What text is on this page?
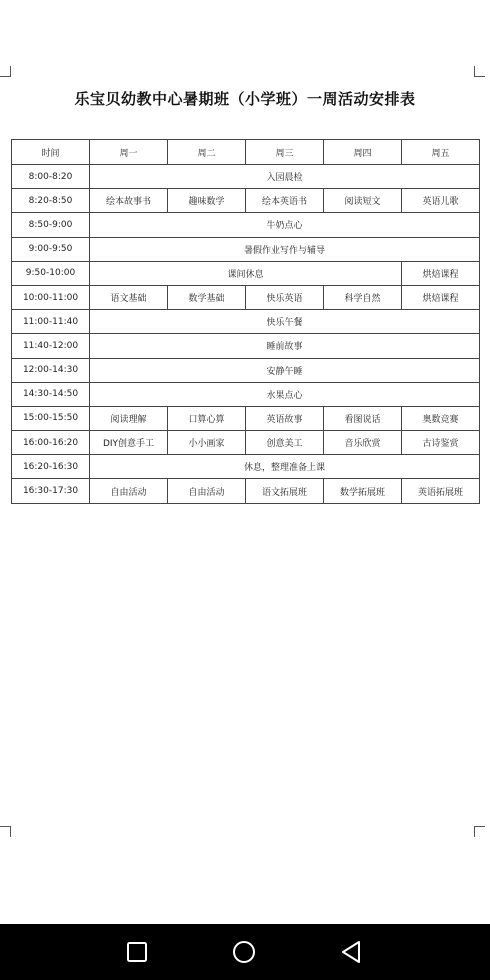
乐宝贝幼教中心暑期班（小学班）一周活动安排表
时间	周一	周二	周三	周四	周五
8:00-8:20	入园晨检				
8:20-8:50	绘本故事书	趣味数学	绘本英语书	阅读短文	英语儿歌
8:50-9:00	牛奶点心				
9:00-9:50	暑假作业写作与辅导				
9:50-10:00	课间休息				烘焙课程
10:00-11:00	语文基础	数学基础	快乐英语	科学自然	烘焙课程
11:00-11:40	快乐午餐				
11:40-12:00	睡前故事				
12:00-14:30	安静午睡				
14:30-14:50	水果点心				
15:00-15:50	阅读理解	口算心算	英语故事	看图说话	奥数竞赛
16:00-16:20	DIY创意手工	小小画家	创意美工	音乐欣赏	古诗鉴赏
16:20-16:30	休息，整理准备上课				
16:30-17:30	自由活动	自由活动	语文拓展班	数学拓展班	英语拓展班
